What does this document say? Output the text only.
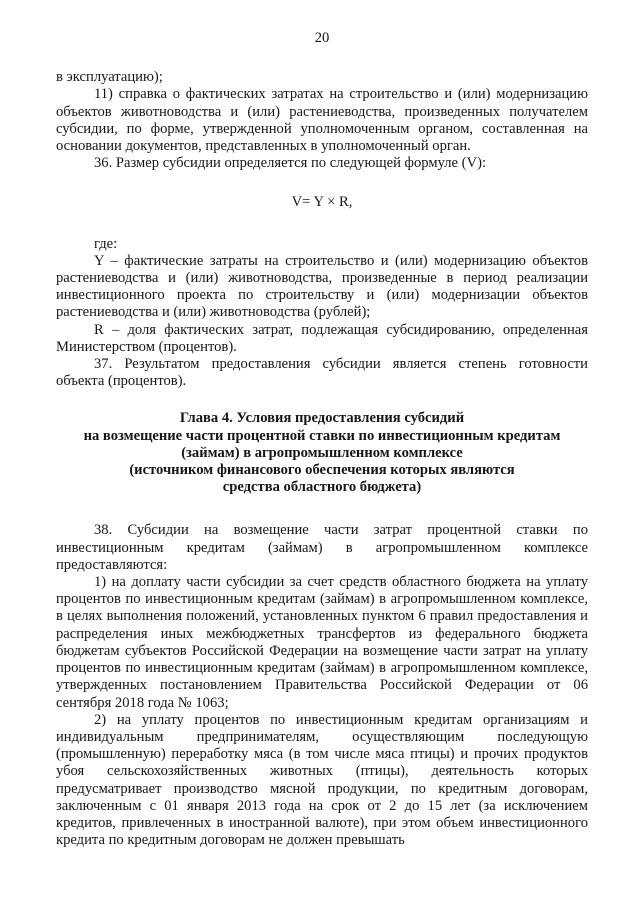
20

в эксплуатацию);

11) справка о фактических затратах на строительство и (или) модернизацию объектов животноводства и (или) растениеводства, произведенных получателем субсидии, по форме, утвержденной уполномоченным органом, составленная на основании документов, представленных в уполномоченный орган.

36. Размер субсидии определяется по следующей формуле (V):

V= Y × R,

где:

Y – фактические затраты на строительство и (или) модернизацию объектов растениеводства и (или) животноводства, произведенные в период реализации инвестиционного проекта по строительству и (или) модернизации объектов растениеводства и (или) животноводства (рублей);

R – доля фактических затрат, подлежащая субсидированию, определенная Министерством (процентов).

37. Результатом предоставления субсидии является степень готовности объекта (процентов).

Глава 4. Условия предоставления субсидий
на возмещение части процентной ставки по инвестиционным кредитам
(займам) в агропромышленном комплексе
(источником финансового обеспечения которых являются
средства областного бюджета)

38. Субсидии на возмещение части затрат процентной ставки по инвестиционным кредитам (займам) в агропромышленном комплексе предоставляются:

1) на доплату части субсидии за счет средств областного бюджета на уплату процентов по инвестиционным кредитам (займам) в агропромышленном комплексе, в целях выполнения положений, установленных пунктом 6 правил предоставления и распределения иных межбюджетных трансфертов из федерального бюджета бюджетам субъектов Российской Федерации на возмещение части затрат на уплату процентов по инвестиционным кредитам (займам) в агропромышленном комплексе, утвержденных постановлением Правительства Российской Федерации от 06 сентября 2018 года № 1063;

2) на уплату процентов по инвестиционным кредитам организациям и индивидуальным предпринимателям, осуществляющим последующую (промышленную) переработку мяса (в том числе мяса птицы) и прочих продуктов убоя сельскохозяйственных животных (птицы), деятельность которых предусматривает производство мясной продукции, по кредитным договорам, заключенным с 01 января 2013 года на срок от 2 до 15 лет (за исключением кредитов, привлеченных в иностранной валюте), при этом объем инвестиционного кредита по кредитным договорам не должен превышать
